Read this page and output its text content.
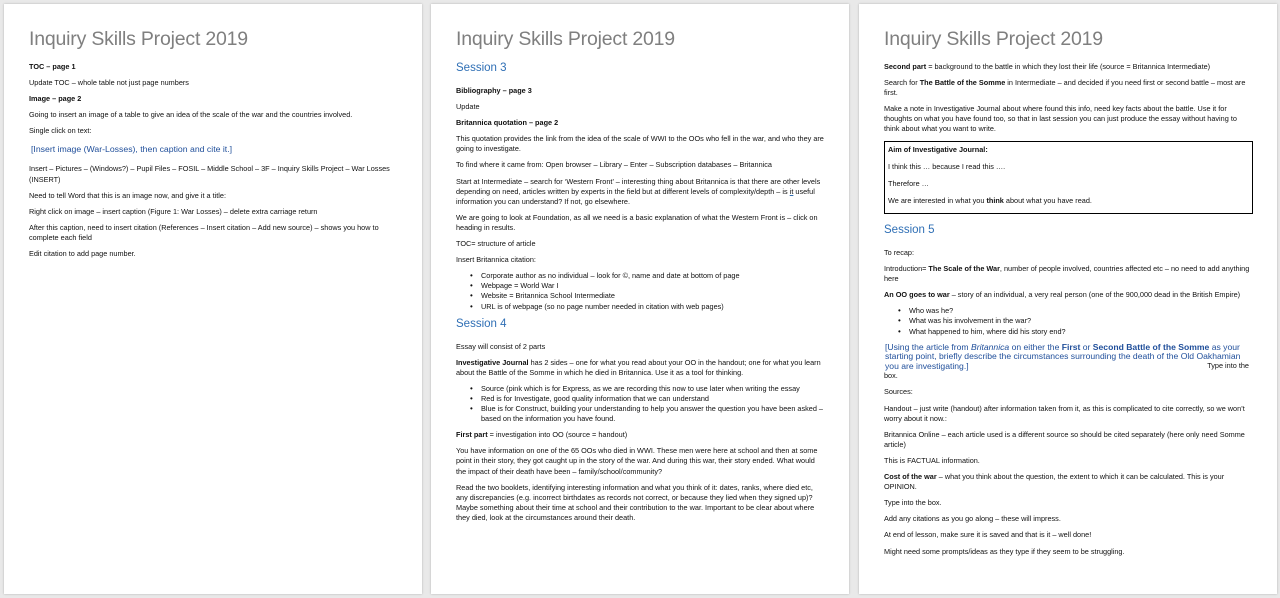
Inquiry Skills Project 2019

TOC – page 1

Update TOC – whole table not just page numbers

Image – page 2

Going to insert an image of a table to give an idea of the scale of the war and the countries involved.

Single click on text:

[Insert image (War-Losses), then caption and cite it.]

Insert – Pictures – (Windows?) – Pupil Files – FOSIL – Middle School – 3F – Inquiry Skills Project – War Losses (INSERT)

Need to tell Word that this is an image now, and give it a title:

Right click on image – insert caption (Figure 1: War Losses) – delete extra carriage return

After this caption, need to insert citation (References – Insert citation – Add new source) – shows you how to complete each field

Edit citation to add page number.

Inquiry Skills Project 2019
Session 3

Bibliography – page 3

Update

Britannica quotation – page 2

This quotation provides the link from the idea of the scale of WWI to the OOs who fell in the war, and who they are going to investigate.

To find where it came from: Open browser – Library – Enter – Subscription databases – Britannica

Start at Intermediate – search for ‘Western Front’ – interesting thing about Britannica is that there are other levels depending on need, articles written by experts in the field but at different levels of complexity/depth – is it useful information you can understand? If not, go elsewhere.

We are going to look at Foundation, as all we need is a basic explanation of what the Western Front is – click on heading in results.

TOC= structure of article

Insert Britannica citation:

• Corporate author as no individual – look for ©, name and date at bottom of page
• Webpage = World War I
• Website = Britannica School Intermediate
• URL is of webpage (so no page number needed in citation with web pages)
Session 4

Essay will consist of 2 parts

Investigative Journal has 2 sides – one for what you read about your OO in the handout; one for what you learn about the Battle of the Somme in which he died in Britannica. Use it as a tool for thinking.

• Source (pink which is for Express, as we are recording this now to use later when writing the essay
• Red is for Investigate, good quality information that we can understand
• Blue is for Construct, building your understanding to help you answer the question you have been asked – based on the information you have found.

First part = investigation into OO (source = handout)

You have information on one of the 65 OOs who died in WWI. These men were here at school and then at some point in their story, they got caught up in the story of the war. And during this war, their story ended. What would the impact of their death have been – family/school/community?

Read the two booklets, identifying interesting information and what you think of it: dates, ranks, where died etc, any discrepancies (e.g. incorrect birthdates as records not correct, or because they lied when they signed up)? Maybe something about their time at school and their contribution to the war. Important to be clear about where they died, look at the circumstances around their death.

Inquiry Skills Project 2019

Second part = background to the battle in which they lost their life (source = Britannica Intermediate)

Search for The Battle of the Somme in Intermediate – and decided if you need first or second battle – most are first.

Make a note in Investigative Journal about where found this info, need key facts about the battle. Use it for thoughts on what you have found too, so that in last session you can just produce the essay without having to think about what you want to write.

Aim of Investigative Journal:

I think this … because I read this ….

Therefore …

We are interested in what you think about what you have read.

Session 5

To recap:

Introduction= The Scale of the War, number of people involved, countries affected etc – no need to add anything here

An OO goes to war – story of an individual, a very real person (one of the 900,000 dead in the British Empire)

• Who was he?
• What was his involvement in the war?
• What happened to him, where did his story end?
[Using the article from Britannica on either the First or Second Battle of the Somme as your starting point, briefly describe the circumstances surrounding the death of the Old Oakhamian you are investigating.]	Type into the

box.

Sources:

Handout – just write (handout) after information taken from it, as this is complicated to cite correctly, so we won’t worry about it now.:

Britannica Online – each article used is a different source so should be cited separately (here only need Somme article)

This is FACTUAL information.

Cost of the war – what you think about the question, the extent to which it can be calculated. This is your OPINION.

Type into the box.

Add any citations as you go along – these will impress.

At end of lesson, make sure it is saved and that is it – well done!

Might need some prompts/ideas as they type if they seem to be struggling.
